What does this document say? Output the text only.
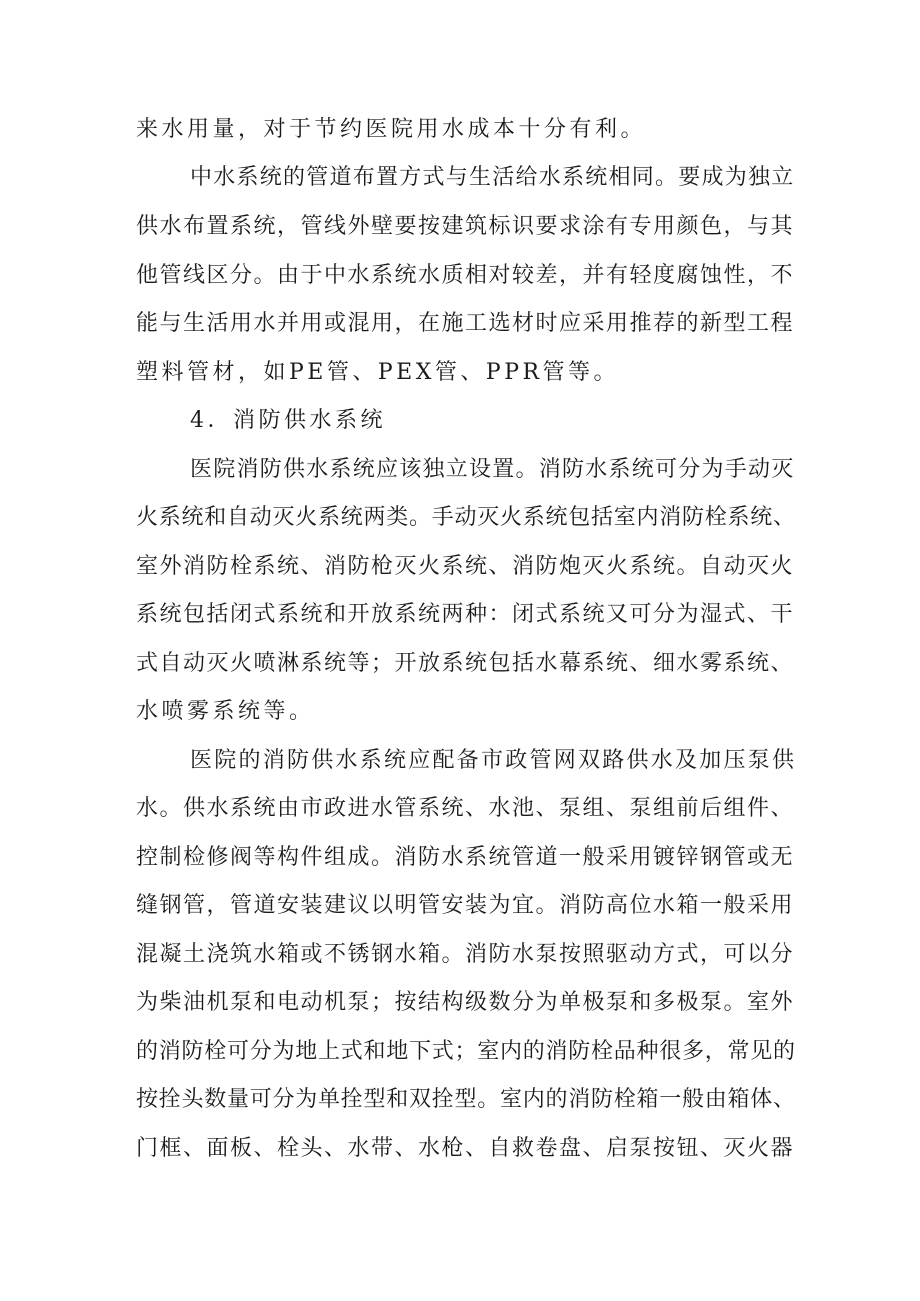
来水用量，对于节约医院用水成本十分有利。
中水系统的管道布置方式与生活给水系统相同。要成为独立
供水布置系统，管线外壁要按建筑标识要求涂有专用颜色，与其
他管线区分。由于中水系统水质相对较差，并有轻度腐蚀性，不
能与生活用水并用或混用，在施工选材时应采用推荐的新型工程
塑料管材，如PE管、PEX管、PPR管等。
4．消防供水系统
医院消防供水系统应该独立设置。消防水系统可分为手动灭
火系统和自动灭火系统两类。手动灭火系统包括室内消防栓系统、
室外消防栓系统、消防枪灭火系统、消防炮灭火系统。自动灭火
系统包括闭式系统和开放系统两种：闭式系统又可分为湿式、干
式自动灭火喷淋系统等；开放系统包括水幕系统、细水雾系统、
水喷雾系统等。
医院的消防供水系统应配备市政管网双路供水及加压泵供
水。供水系统由市政进水管系统、水池、泵组、泵组前后组件、
控制检修阀等构件组成。消防水系统管道一般采用镀锌钢管或无
缝钢管，管道安装建议以明管安装为宜。消防高位水箱一般采用
混凝土浇筑水箱或不锈钢水箱。消防水泵按照驱动方式，可以分
为柴油机泵和电动机泵；按结构级数分为单极泵和多极泵。室外
的消防栓可分为地上式和地下式；室内的消防栓品种很多，常见的
按拴头数量可分为单拴型和双拴型。室内的消防栓箱一般由箱体、
门框、面板、栓头、水带、水枪、自救卷盘、启泵按钮、灭火器
